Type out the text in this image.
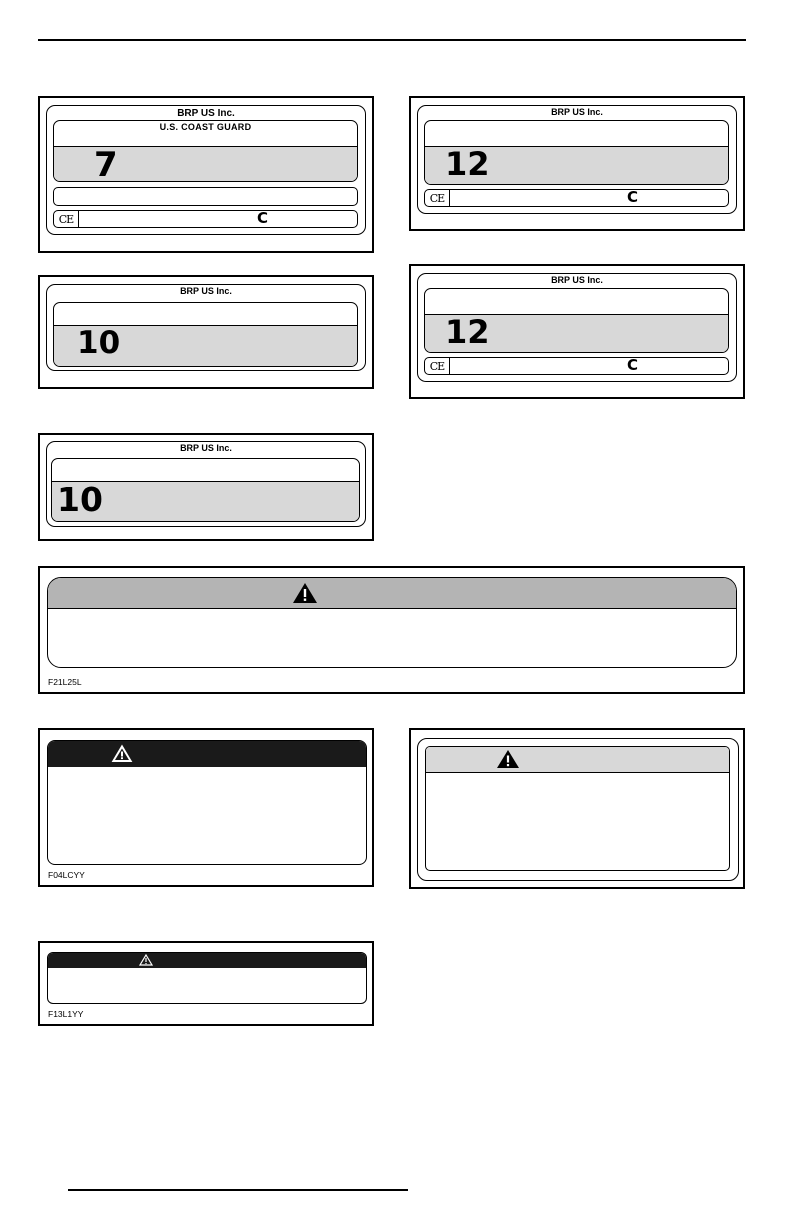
BRP US Inc.
U.S. COAST GUARD
7
CE	C
BRP US Inc.
12
CE	C
BRP US Inc.
10
BRP US Inc.
12
CE	C
BRP US Inc.
10
F21L25L
F04LCYY
F13L1YY
